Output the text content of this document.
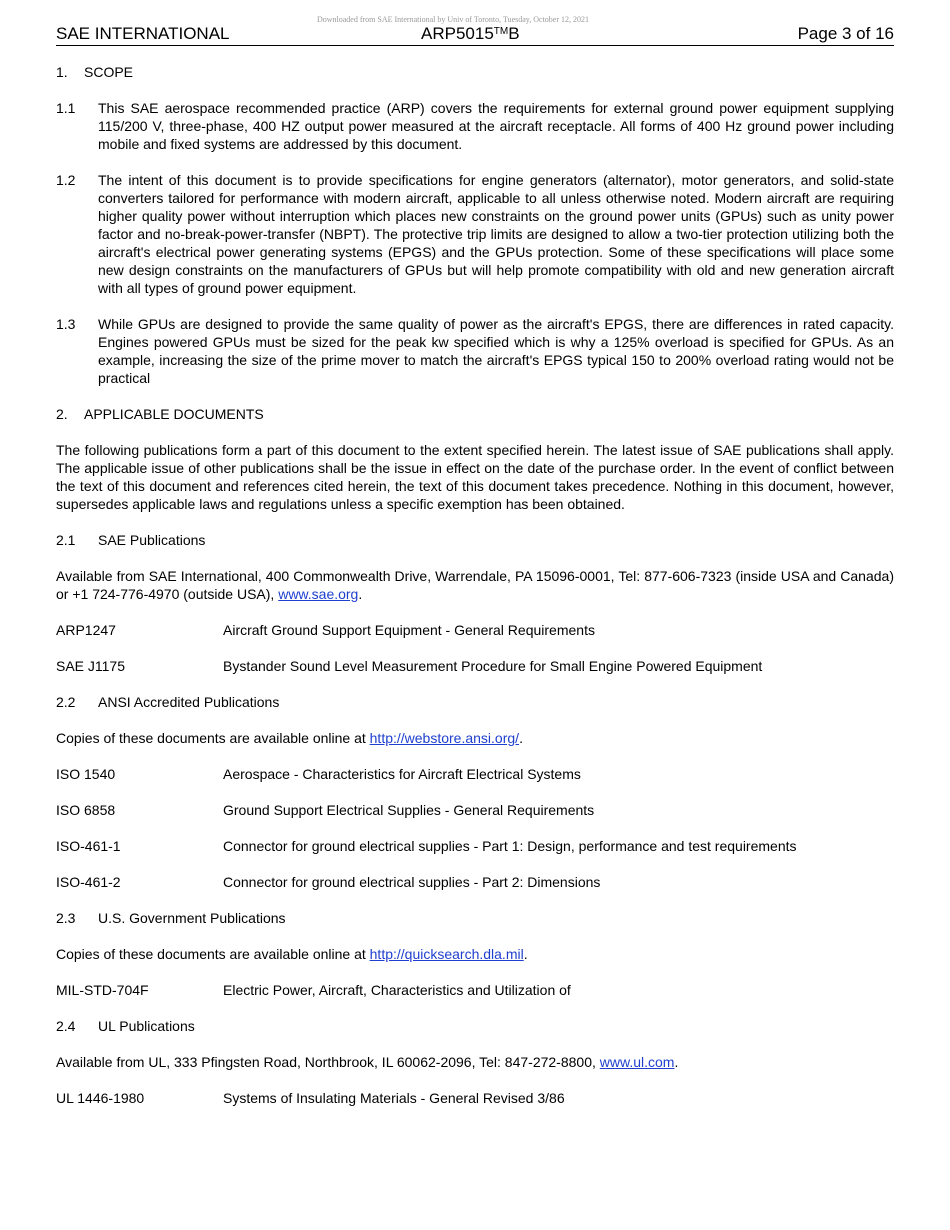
Downloaded from SAE International by Univ of Toronto, Tuesday, October 12, 2021
SAE INTERNATIONAL	ARP5015™B	Page 3 of 16
1. SCOPE
1.1	This SAE aerospace recommended practice (ARP) covers the requirements for external ground power equipment supplying 115/200 V, three-phase, 400 HZ output power measured at the aircraft receptacle. All forms of 400 Hz ground power including mobile and fixed systems are addressed by this document.
1.2	The intent of this document is to provide specifications for engine generators (alternator), motor generators, and solid-state converters tailored for performance with modern aircraft, applicable to all unless otherwise noted. Modern aircraft are requiring higher quality power without interruption which places new constraints on the ground power units (GPUs) such as unity power factor and no-break-power-transfer (NBPT). The protective trip limits are designed to allow a two-tier protection utilizing both the aircraft's electrical power generating systems (EPGS) and the GPUs protection. Some of these specifications will place some new design constraints on the manufacturers of GPUs but will help promote compatibility with old and new generation aircraft with all types of ground power equipment.
1.3	While GPUs are designed to provide the same quality of power as the aircraft's EPGS, there are differences in rated capacity. Engines powered GPUs must be sized for the peak kw specified which is why a 125% overload is specified for GPUs. As an example, increasing the size of the prime mover to match the aircraft's EPGS typical 150 to 200% overload rating would not be practical
2. APPLICABLE DOCUMENTS
The following publications form a part of this document to the extent specified herein. The latest issue of SAE publications shall apply. The applicable issue of other publications shall be the issue in effect on the date of the purchase order. In the event of conflict between the text of this document and references cited herein, the text of this document takes precedence. Nothing in this document, however, supersedes applicable laws and regulations unless a specific exemption has been obtained.
2.1 SAE Publications
Available from SAE International, 400 Commonwealth Drive, Warrendale, PA 15096-0001, Tel: 877-606-7323 (inside USA and Canada) or +1 724-776-4970 (outside USA), www.sae.org.
ARP1247	Aircraft Ground Support Equipment - General Requirements
SAE J1175	Bystander Sound Level Measurement Procedure for Small Engine Powered Equipment
2.2 ANSI Accredited Publications
Copies of these documents are available online at http://webstore.ansi.org/.
ISO 1540	Aerospace - Characteristics for Aircraft Electrical Systems
ISO 6858	Ground Support Electrical Supplies - General Requirements
ISO-461-1	Connector for ground electrical supplies - Part 1: Design, performance and test requirements
ISO-461-2	Connector for ground electrical supplies - Part 2: Dimensions
2.3 U.S. Government Publications
Copies of these documents are available online at http://quicksearch.dla.mil.
MIL-STD-704F	Electric Power, Aircraft, Characteristics and Utilization of
2.4 UL Publications
Available from UL, 333 Pfingsten Road, Northbrook, IL 60062-2096, Tel: 847-272-8800, www.ul.com.
UL 1446-1980	Systems of Insulating Materials - General Revised 3/86
